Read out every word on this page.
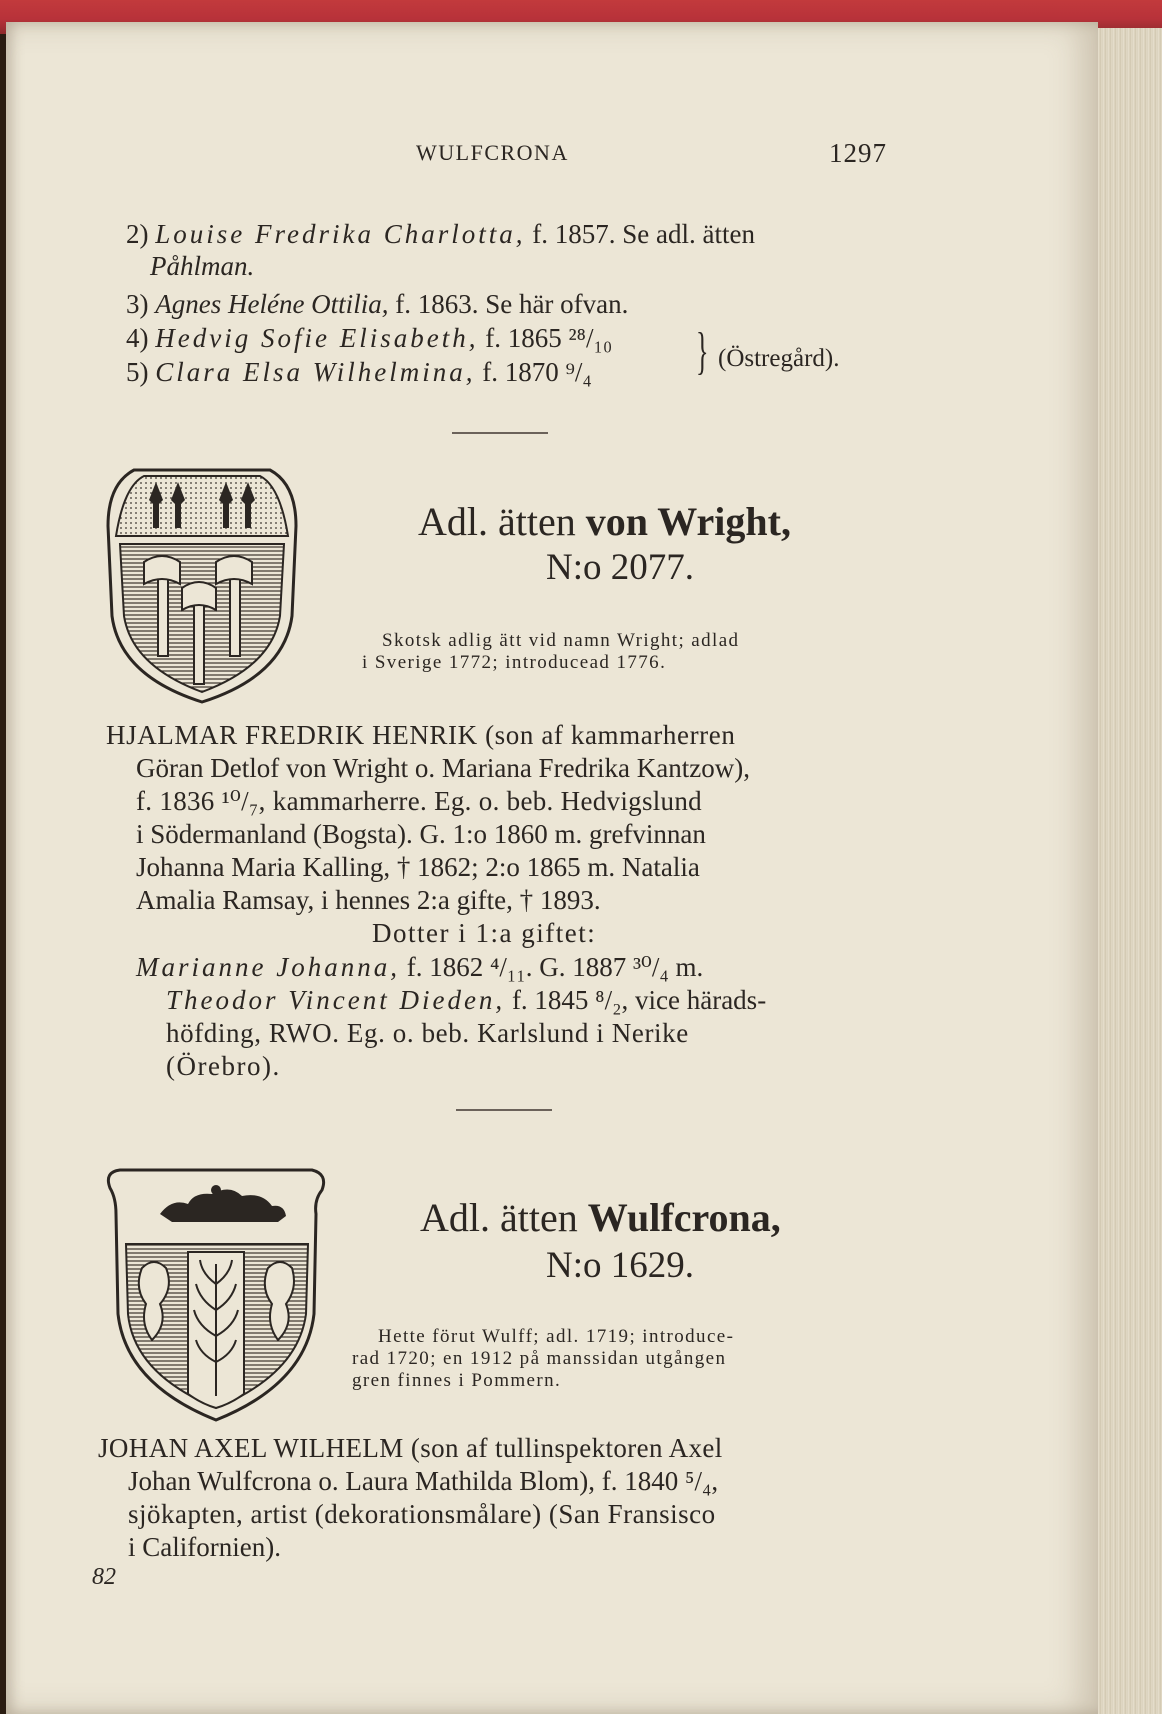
WULFCRONA	1297
2) Louise Fredrika Charlotta, f. 1857. Se adl. ätten
Påhlman.
3) Agnes Heléne Ottilia, f. 1863. Se här ofvan.
4) Hedvig Sofie Elisabeth, f. 1865 ²⁸/₁₀
5) Clara Elsa Wilhelmina, f. 1870 ⁹/₄ } (Östregård).
Adl. ätten von Wright,
N:o 2077.
Skotsk adlig ätt vid namn Wright; adlad
i Sverige 1772; introducead 1776.
HJALMAR FREDRIK HENRIK (son af kammarherren
Göran Detlof von Wright o. Mariana Fredrika Kantzow),
f. 1836 ¹⁰/₇, kammarherre. Eg. o. beb. Hedvigslund
i Södermanland (Bogsta). G. 1:o 1860 m. grefvinnan
Johanna Maria Kalling, † 1862; 2:o 1865 m. Natalia
Amalia Ramsay, i hennes 2:a gifte, † 1893.
Dotter i 1:a giftet:
Marianne Johanna, f. 1862 ⁴/₁₁. G. 1887 ³⁰/₄ m.
Theodor Vincent Dieden, f. 1845 ⁸/₂, vice härads-
höfding, RWO. Eg. o. beb. Karlslund i Nerike
(Örebro).
Adl. ätten Wulfcrona,
N:o 1629.
Hette förut Wulff; adl. 1719; introduce-
rad 1720; en 1912 på manssidan utgången
gren finnes i Pommern.
JOHAN AXEL WILHELM (son af tullinspektoren Axel
Johan Wulfcrona o. Laura Mathilda Blom), f. 1840 ⁵/₄,
sjökapten, artist (dekorationsmålare) (San Fransisco
i Californien).
82
